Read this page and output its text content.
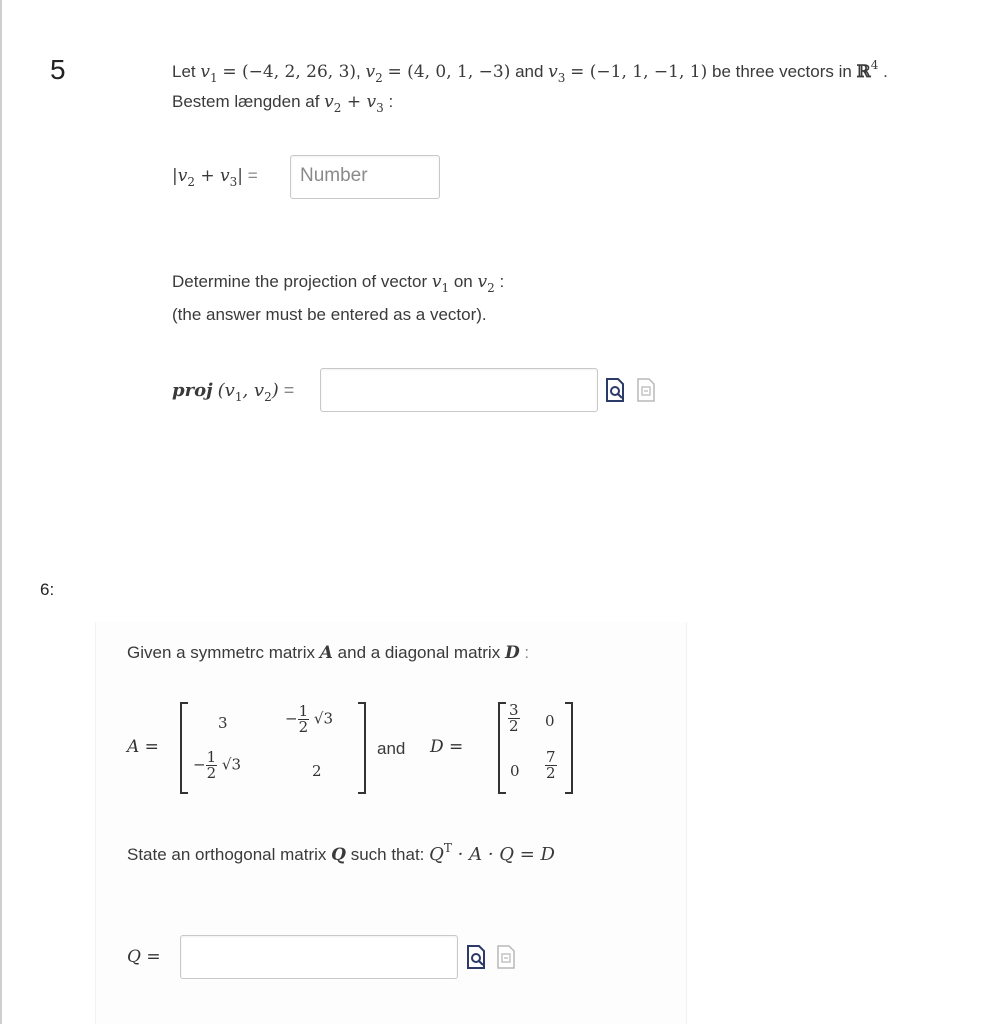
5	Let $v_1 = (-4$, 2, 26, 3), $v_2 = (4$, 0, 1, −3) and $v_3 = (-1$, 1, −1, 1) be three vectors in ℝ$^4$ .
Bestem længden af $v_2 + v_3$ :
$|v_2 + v_3|$ =	Number
Determine the projection of vector $v_1$ on $v_2$ :
(the answer must be entered as a vector).
proj ($v_1$, $v_2$) =
6:
Given a symmetrc matrix A and a diagonal matrix D :
A =
3	− $\frac{1}{2} √3$
− $\frac{1}{2} √3$	2
and D =
$\frac{3}{2} 0$
$0 \frac{7}{2}$
State an orthogonal matrix Q such that: $Q^T \cdot A \cdot Q = D$
Q =
